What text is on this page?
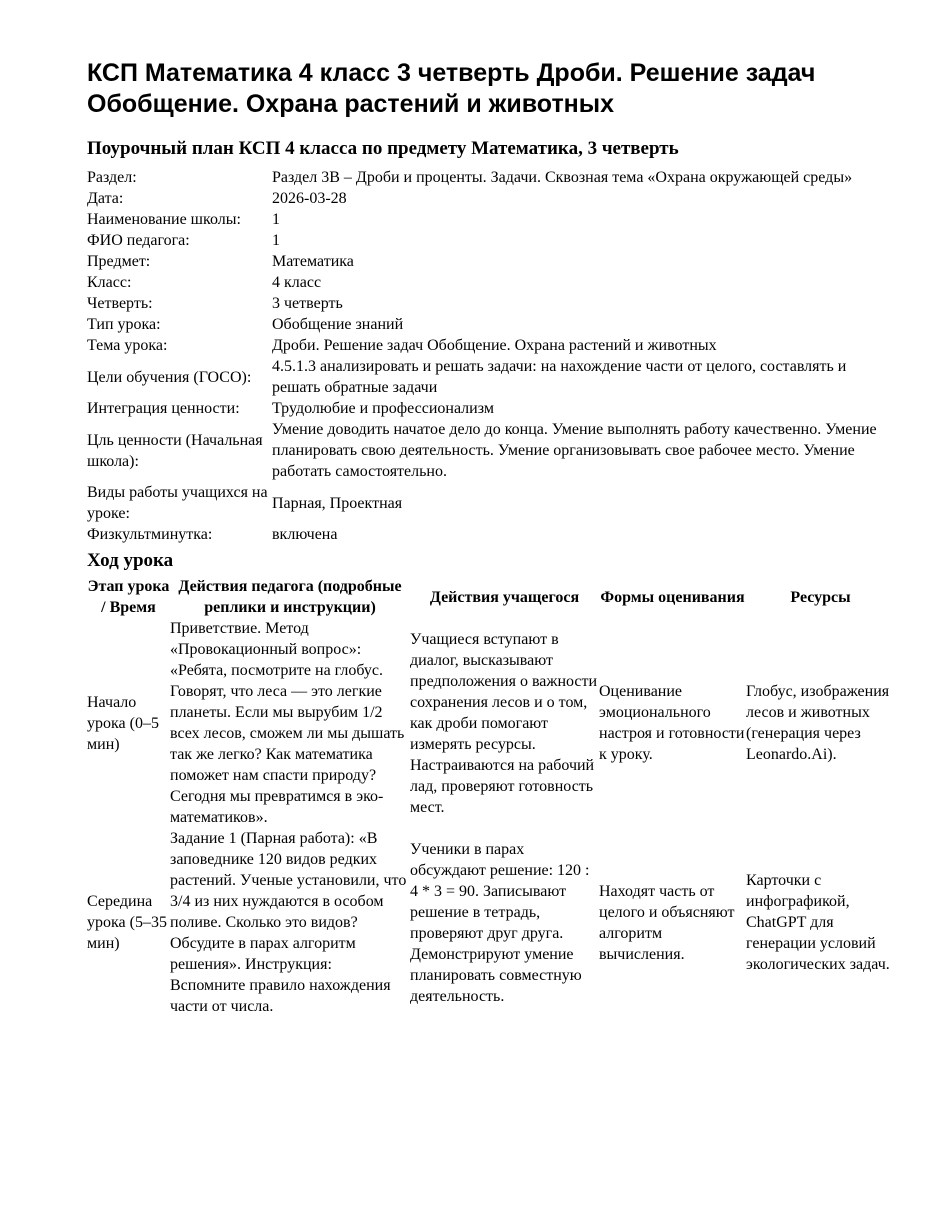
КСП Математика 4 класс 3 четверть Дроби. Решение задач Обобщение. Охрана растений и животных
Поурочный план КСП 4 класса по предмету Математика, 3 четверть
Раздел:	Раздел 3В – Дроби и проценты. Задачи. Сквозная тема «Охрана окружающей среды»
Дата:	2026-03-28
Наименование школы:	1
ФИО педагога:	1
Предмет:	Математика
Класс:	4 класс
Четверть:	3 четверть
Тип урока:	Обобщение знаний
Тема урока:	Дроби. Решение задач Обобщение. Охрана растений и животных
Цели обучения (ГОСО):	4.5.1.3 анализировать и решать задачи: на нахождение части от целого, составлять и решать обратные задачи
Интеграция ценности:	Трудолюбие и профессионализм
Цль ценности (Начальная школа):	Умение доводить начатое дело до конца. Умение выполнять работу качественно. Умение планировать свою деятельность. Умение организовывать свое рабочее место. Умение работать самостоятельно.
Виды работы учащихся на уроке:	Парная, Проектная
Физкультминутка:	включена
Ход урока
Этап урока / Время	Действия педагога (подробные реплики и инструкции)	Действия учащегося	Формы оценивания	Ресурсы
Начало урока (0–5 мин)	Приветствие. Метод «Провокационный вопрос»: «Ребята, посмотрите на глобус. Говорят, что леса — это легкие планеты. Если мы вырубим 1/2 всех лесов, сможем ли мы дышать так же легко? Как математика поможет нам спасти природу? Сегодня мы превратимся в эко-математиков».	Учащиеся вступают в диалог, высказывают предположения о важности сохранения лесов и о том, как дроби помогают измерять ресурсы. Настраиваются на рабочий лад, проверяют готовность мест.	Оценивание эмоционального настроя и готовности к уроку.	Глобус, изображения лесов и животных (генерация через Leonardo.Ai).
Середина урока (5–35 мин)	Задание 1 (Парная работа): «В заповеднике 120 видов редких растений. Ученые установили, что 3/4 из них нуждаются в особом поливе. Сколько это видов? Обсудите в парах алгоритм решения». Инструкция: Вспомните правило нахождения части от числа.	Ученики в парах обсуждают решение: 120 : 4 * 3 = 90. Записывают решение в тетрадь, проверяют друг друга. Демонстрируют умение планировать совместную деятельность.	Находят часть от целого и объясняют алгоритм вычисления.	Карточки с инфографикой, ChatGPT для генерации условий экологических задач.
